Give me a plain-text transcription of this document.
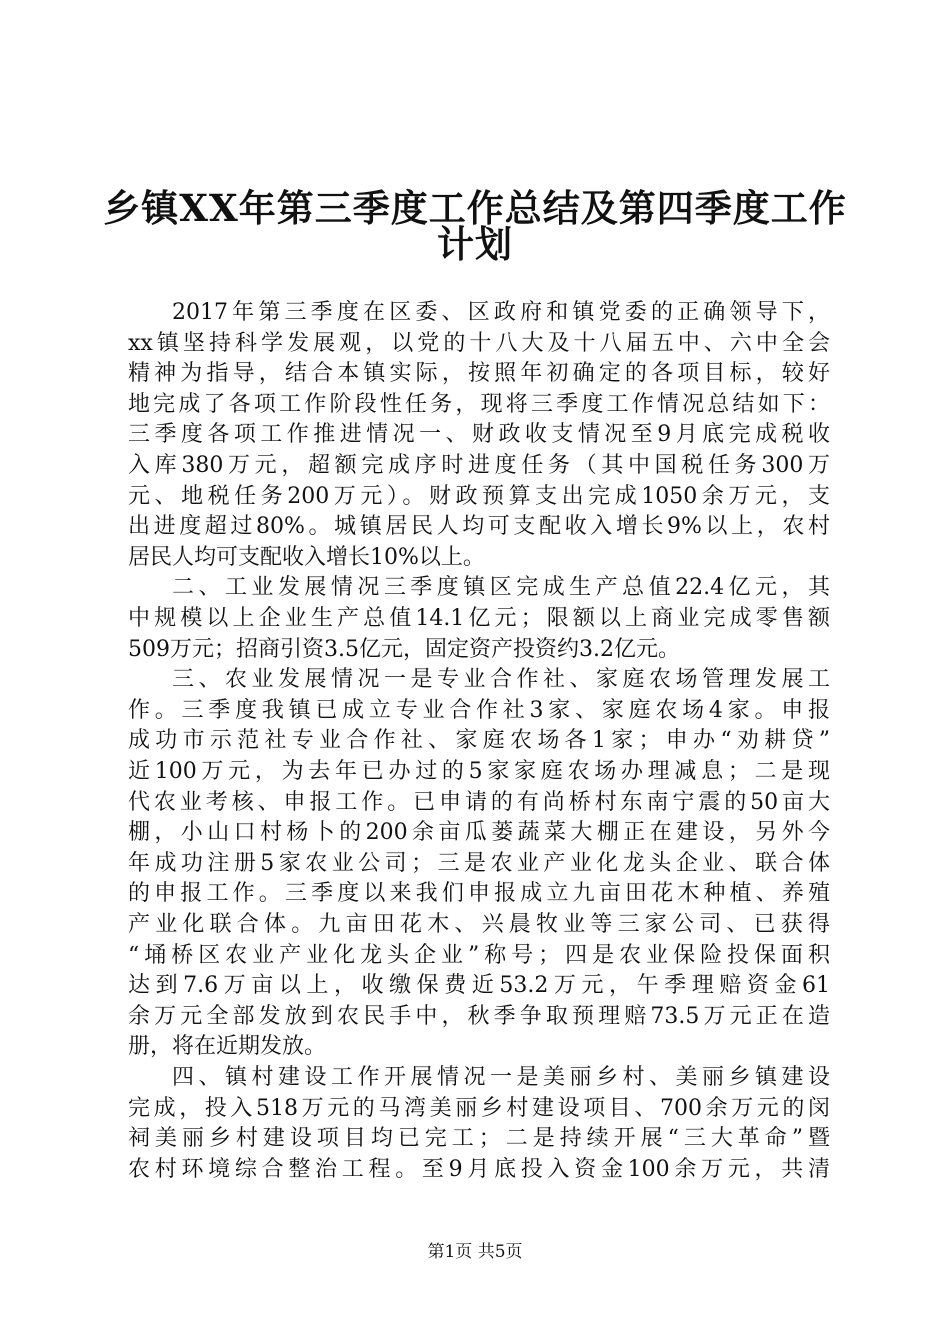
乡镇XX年第三季度工作总结及第四季度工作
计划
2017年第三季度在区委、区政府和镇党委的正确领导下，
xx镇坚持科学发展观，以党的十八大及十八届五中、六中全会
精神为指导，结合本镇实际，按照年初确定的各项目标，较好
地完成了各项工作阶段性任务，现将三季度工作情况总结如下：
三季度各项工作推进情况一、财政收支情况至9月底完成税收
入库380万元，超额完成序时进度任务（其中国税任务300万
元、地税任务200万元）。财政预算支出完成1050余万元，支
出进度超过80%。城镇居民人均可支配收入增长9%以上，农村
居民人均可支配收入增长10%以上。
二、工业发展情况三季度镇区完成生产总值22.4亿元，其
中规模以上企业生产总值14.1亿元；限额以上商业完成零售额
509万元；招商引资3.5亿元，固定资产投资约3.2亿元。
三、农业发展情况一是专业合作社、家庭农场管理发展工
作。三季度我镇已成立专业合作社3家、家庭农场4家。申报
成功市示范社专业合作社、家庭农场各1家；申办“劝耕贷”
近100万元，为去年已办过的5家家庭农场办理减息；二是现
代农业考核、申报工作。已申请的有尚桥村东南宁震的50亩大
棚，小山口村杨卜的200余亩瓜蒌蔬菜大棚正在建设，另外今
年成功注册5家农业公司；三是农业产业化龙头企业、联合体
的申报工作。三季度以来我们申报成立九亩田花木种植、养殖
产业化联合体。九亩田花木、兴晨牧业等三家公司、已获得
“埇桥区农业产业化龙头企业”称号；四是农业保险投保面积
达到7.6万亩以上，收缴保费近53.2万元，午季理赔资金61
余万元全部发放到农民手中，秋季争取预理赔73.5万元正在造
册，将在近期发放。
四、镇村建设工作开展情况一是美丽乡村、美丽乡镇建设
完成，投入518万元的马湾美丽乡村建设项目、700余万元的闵
祠美丽乡村建设项目均已完工；二是持续开展“三大革命”暨
农村环境综合整治工程。至9月底投入资金100余万元，共清
第1页 共5页
